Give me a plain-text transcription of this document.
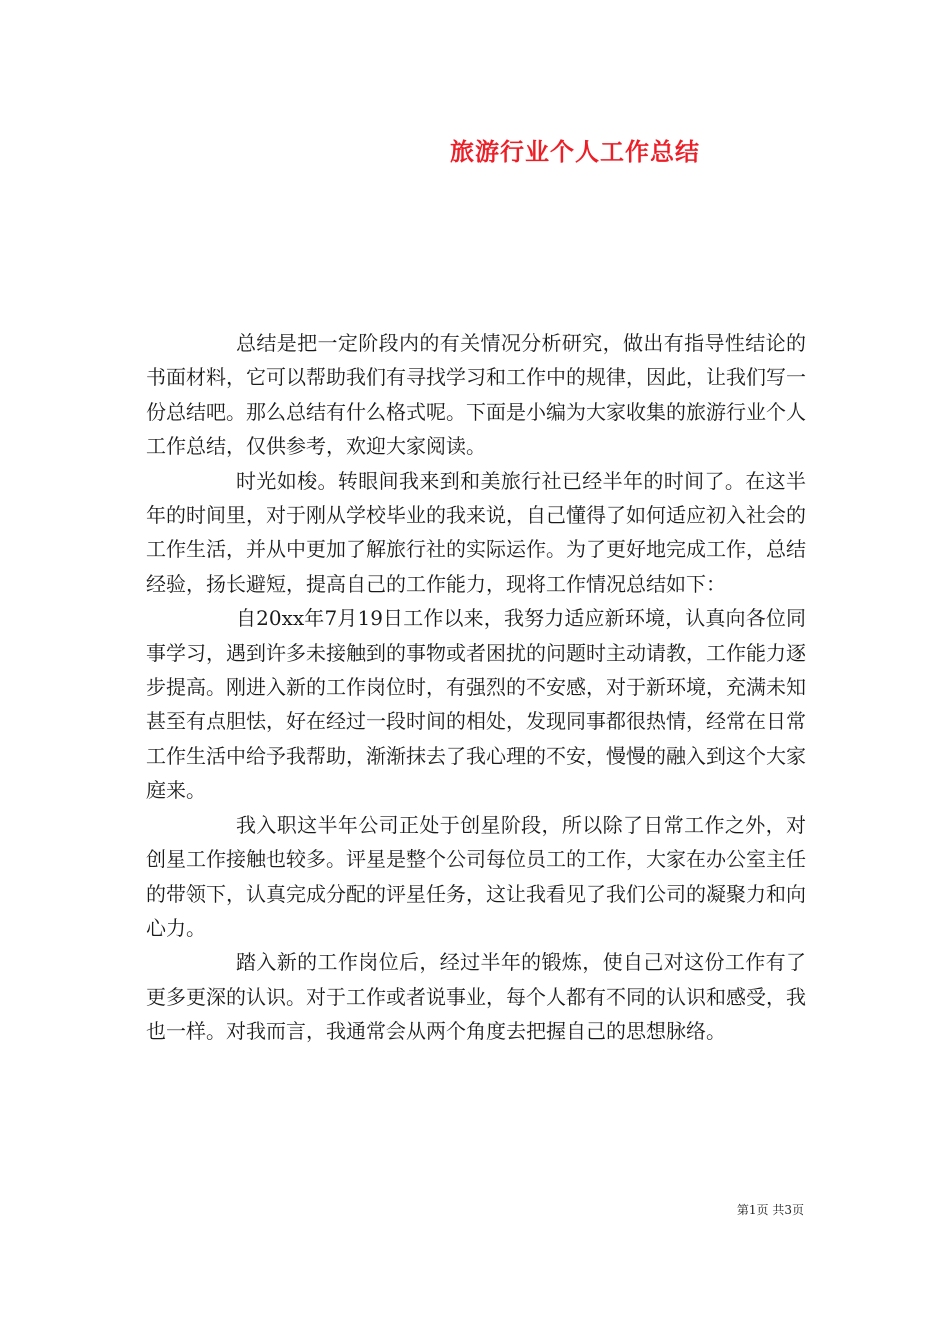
旅游行业个人工作总结

总结是把一定阶段内的有关情况分析研究，做出有指导性结论的书面材料，它可以帮助我们有寻找学习和工作中的规律，因此，让我们写一份总结吧。那么总结有什么格式呢。下面是小编为大家收集的旅游行业个人工作总结，仅供参考，欢迎大家阅读。

时光如梭。转眼间我来到和美旅行社已经半年的时间了。在这半年的时间里，对于刚从学校毕业的我来说，自己懂得了如何适应初入社会的工作生活，并从中更加了解旅行社的实际运作。为了更好地完成工作，总结经验，扬长避短，提高自己的工作能力，现将工作情况总结如下：

自20xx年7月19日工作以来，我努力适应新环境，认真向各位同事学习，遇到许多未接触到的事物或者困扰的问题时主动请教，工作能力逐步提高。刚进入新的工作岗位时，有强烈的不安感，对于新环境，充满未知甚至有点胆怯，好在经过一段时间的相处，发现同事都很热情，经常在日常工作生活中给予我帮助，渐渐抹去了我心理的不安，慢慢的融入到这个大家庭来。

我入职这半年公司正处于创星阶段，所以除了日常工作之外，对创星工作接触也较多。评星是整个公司每位员工的工作，大家在办公室主任的带领下，认真完成分配的评星任务，这让我看见了我们公司的凝聚力和向心力。

踏入新的工作岗位后，经过半年的锻炼，使自己对这份工作有了更多更深的认识。对于工作或者说事业，每个人都有不同的认识和感受，我也一样。对我而言，我通常会从两个角度去把握自己的思想脉络。

第1页 共3页
